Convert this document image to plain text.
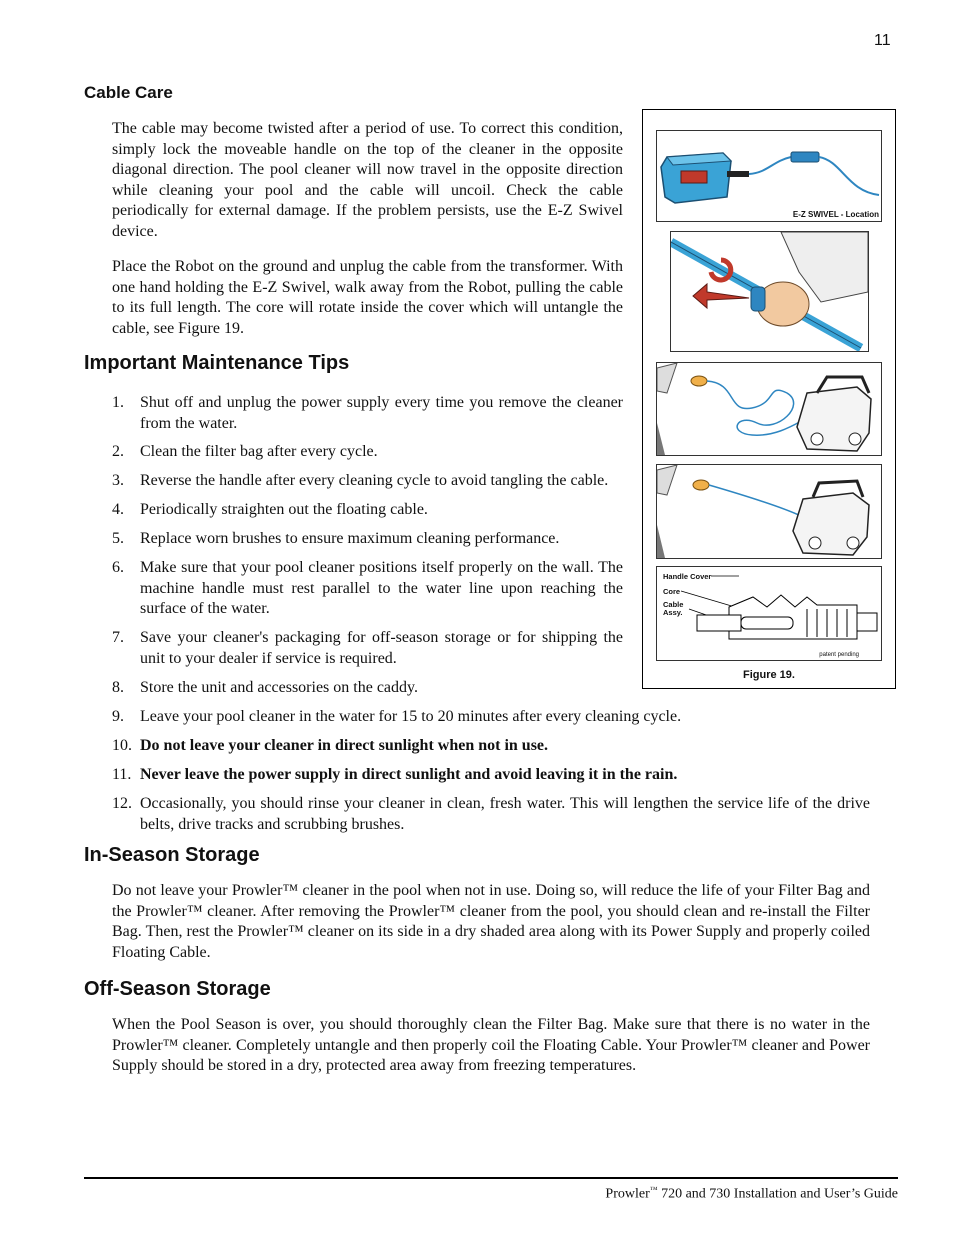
11
Cable Care

The cable may become twisted after a period of use. To correct this condition, simply lock the moveable handle on the top of the cleaner in the opposite diagonal direction. The pool cleaner will now travel in the opposite direction while cleaning your pool and the cable will uncoil. Check the cable periodically for external damage. If the problem persists, use the E-Z Swivel device.

Place the Robot on the ground and unplug the cable from the transformer. With one hand holding the E-Z Swivel, walk away from the Robot, pulling the cable to its full length. The core will rotate inside the cover which will untangle the cable, see Figure 19.

Important Maintenance Tips
1.	Shut off and unplug the power supply every time you remove the cleaner from the water.
2.	Clean the filter bag after every cycle.
3.	Reverse the handle after every cleaning cycle to avoid tangling the cable.
4.	Periodically straighten out the floating cable.
5.	Replace worn brushes to ensure maximum cleaning performance.
6.	Make sure that your pool cleaner positions itself properly on the wall. The machine handle must rest parallel to the water line upon reaching the surface of the water.
7.	Save your cleaner's packaging for off-season storage or for shipping the unit to your dealer if service is required.
8.	Store the unit and accessories on the caddy.
9.	Leave your pool cleaner in the water for 15 to 20 minutes after every cleaning cycle.
10. Do not leave your cleaner in direct sunlight when not in use.
11. Never leave the power supply in direct sunlight and avoid leaving it in the rain.
12. Occasionally, you should rinse your cleaner in clean, fresh water. This will lengthen the service life of the drive belts, drive tracks and scrubbing brushes.
In-Season Storage

Do not leave your Prowler™ cleaner in the pool when not in use. Doing so, will reduce the life of your Filter Bag and the Prowler™ cleaner. After removing the Prowler™ cleaner from the pool, you should clean and re-install the Filter Bag. Then, rest the Prowler™ cleaner on its side in a dry shaded area along with its Power Supply and properly coiled Floating Cable.

Off-Season Storage

When the Pool Season is over, you should thoroughly clean the Filter Bag. Make sure that there is no water in the Prowler™ cleaner. Completely untangle and then properly coil the Floating Cable. Your Prowler™ cleaner and Power Supply should be stored in a dry, protected area away from freezing temperatures.

E-Z SWIVEL - Location
Handle Cover
Core
Cable
Assy.
patent pending
Figure 19.
Prowler™ 720 and 730 Installation and User’s Guide
